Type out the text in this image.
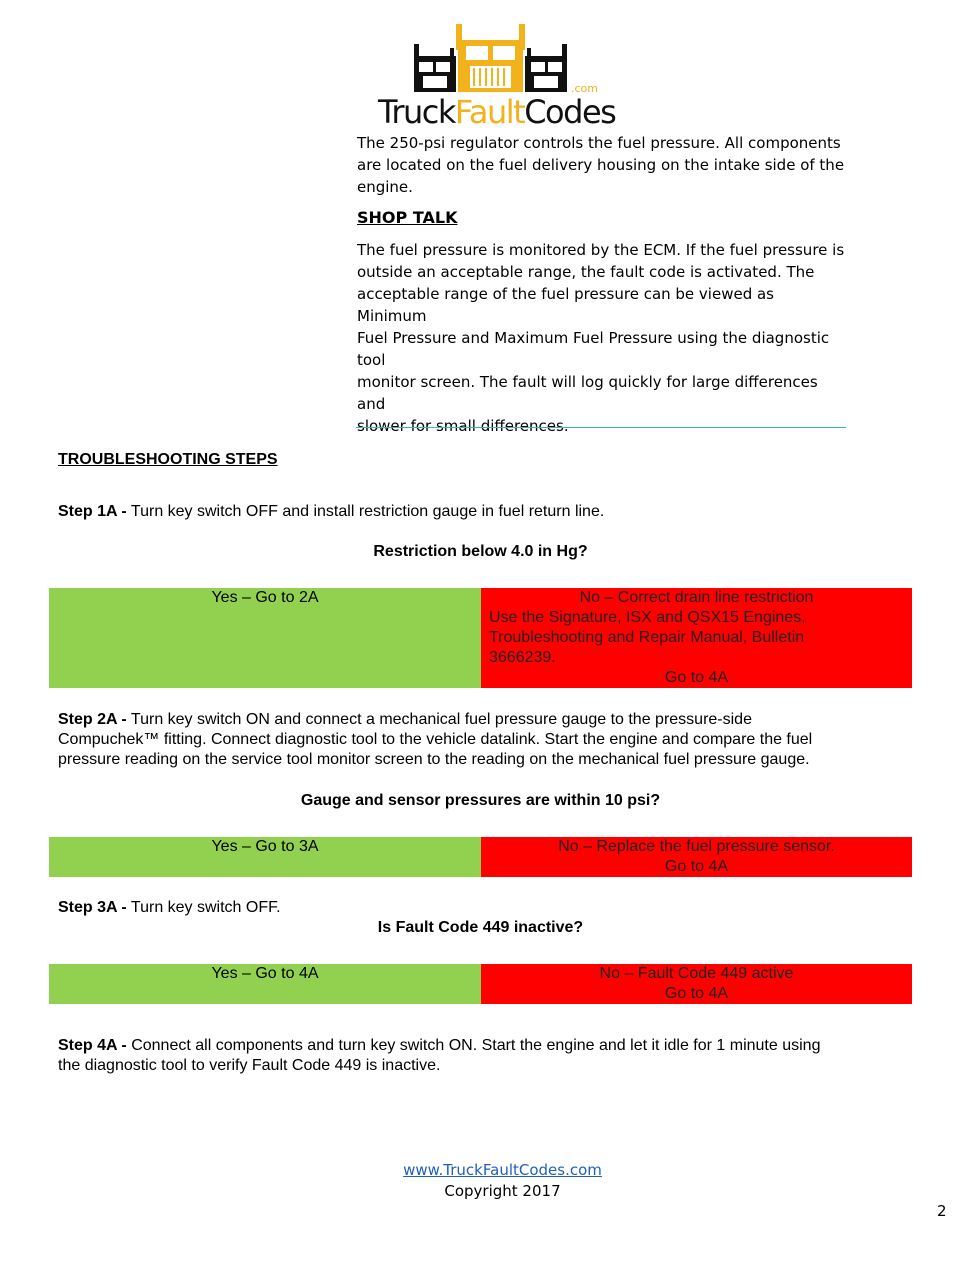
.com
TruckFaultCodes
The 250-psi regulator controls the fuel pressure. All components
are located on the fuel delivery housing on the intake side of the
engine.
SHOP TALK
The fuel pressure is monitored by the ECM. If the fuel pressure is
outside an acceptable range, the fault code is activated. The
acceptable range of the fuel pressure can be viewed as Minimum
Fuel Pressure and Maximum Fuel Pressure using the diagnostic tool
monitor screen. The fault will log quickly for large differences and
slower for small differences.
TROUBLESHOOTING STEPS
Step 1A - Turn key switch OFF and install restriction gauge in fuel return line.
Restriction below 4.0 in Hg?
Yes – Go to 2A	No – Correct drain line restriction
Use the Signature, ISX and QSX15 Engines,
Troubleshooting and Repair Manual, Bulletin
3666239.
Go to 4A
Step 2A - Turn key switch ON and connect a mechanical fuel pressure gauge to the pressure-side
Compuchek™ fitting. Connect diagnostic tool to the vehicle datalink. Start the engine and compare the fuel
pressure reading on the service tool monitor screen to the reading on the mechanical fuel pressure gauge.
Gauge and sensor pressures are within 10 psi?
Yes – Go to 3A	No – Replace the fuel pressure sensor.
Go to 4A
Step 3A - Turn key switch OFF.
Is Fault Code 449 inactive?
Yes – Go to 4A	No – Fault Code 449 active
Go to 4A
Step 4A - Connect all components and turn key switch ON. Start the engine and let it idle for 1 minute using
the diagnostic tool to verify Fault Code 449 is inactive.
www.TruckFaultCodes.com
Copyright 2017
2
